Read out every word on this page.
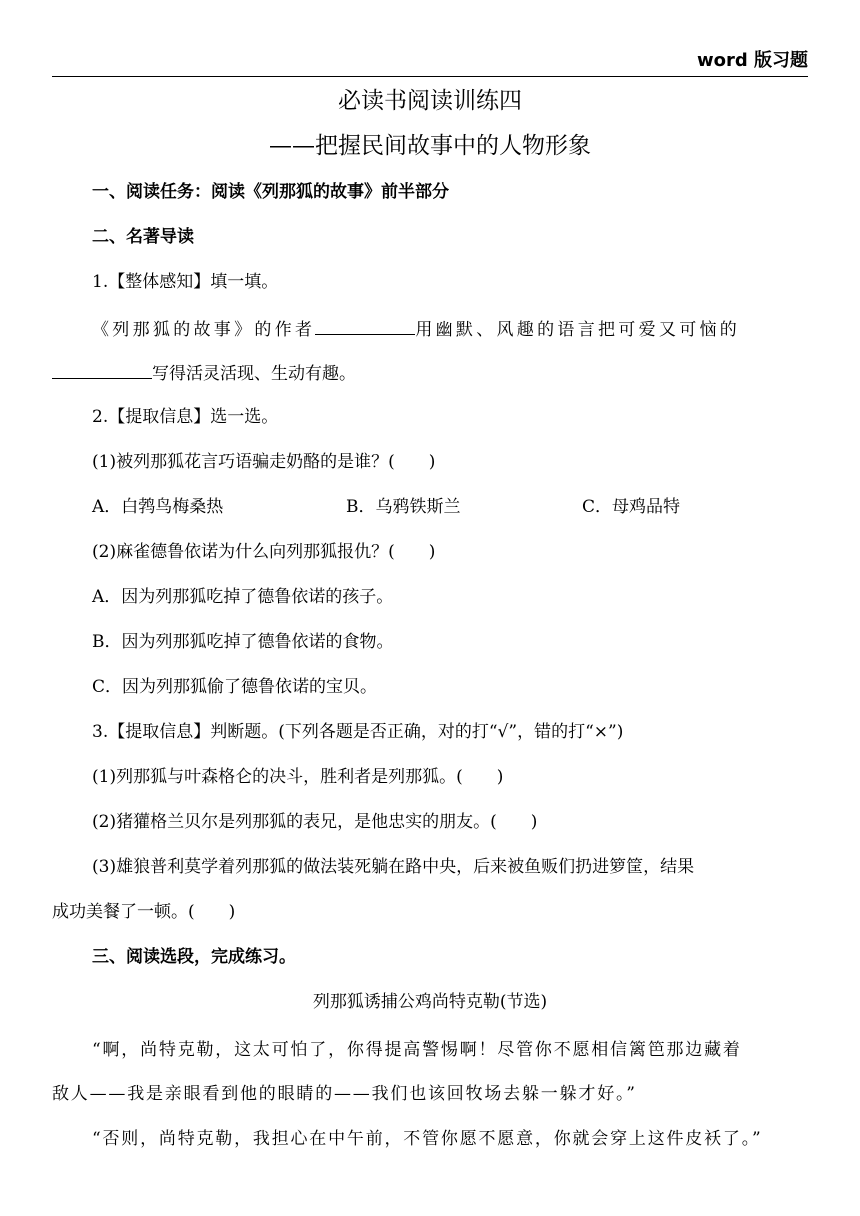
word 版习题
必读书阅读训练四
——把握民间故事中的人物形象
一、阅读任务：阅读《列那狐的故事》前半部分
二、名著导读
1.【整体感知】填一填。
《列那狐的故事》的作者	用幽默、风趣的语言把可爱又可恼的
写得活灵活现、生动有趣。
2.【提取信息】选一选。
(1)被列那狐花言巧语骗走奶酪的是谁？(　　)
A．白鹁鸟梅桑热	B．乌鸦铁斯兰	C．母鸡品特
(2)麻雀德鲁依诺为什么向列那狐报仇？(　　)
A．因为列那狐吃掉了德鲁依诺的孩子。
B．因为列那狐吃掉了德鲁依诺的食物。
C．因为列那狐偷了德鲁依诺的宝贝。
3.【提取信息】判断题。(下列各题是否正确，对的打“√”，错的打“×”)
(1)列那狐与叶森格仑的决斗，胜利者是列那狐。(　　)
(2)猪獾格兰贝尔是列那狐的表兄，是他忠实的朋友。(　　)
(3)雄狼普利莫学着列那狐的做法装死躺在路中央，后来被鱼贩们扔进箩筐，结果
成功美餐了一顿。(　　)
三、阅读选段，完成练习。
列那狐诱捕公鸡尚特克勒(节选)
“啊，尚特克勒，这太可怕了，你得提高警惕啊！尽管你不愿相信篱笆那边藏着
敌人——我是亲眼看到他的眼睛的——我们也该回牧场去躲一躲才好。”
“否则，尚特克勒，我担心在中午前，不管你愿不愿意，你就会穿上这件皮袄了。”
